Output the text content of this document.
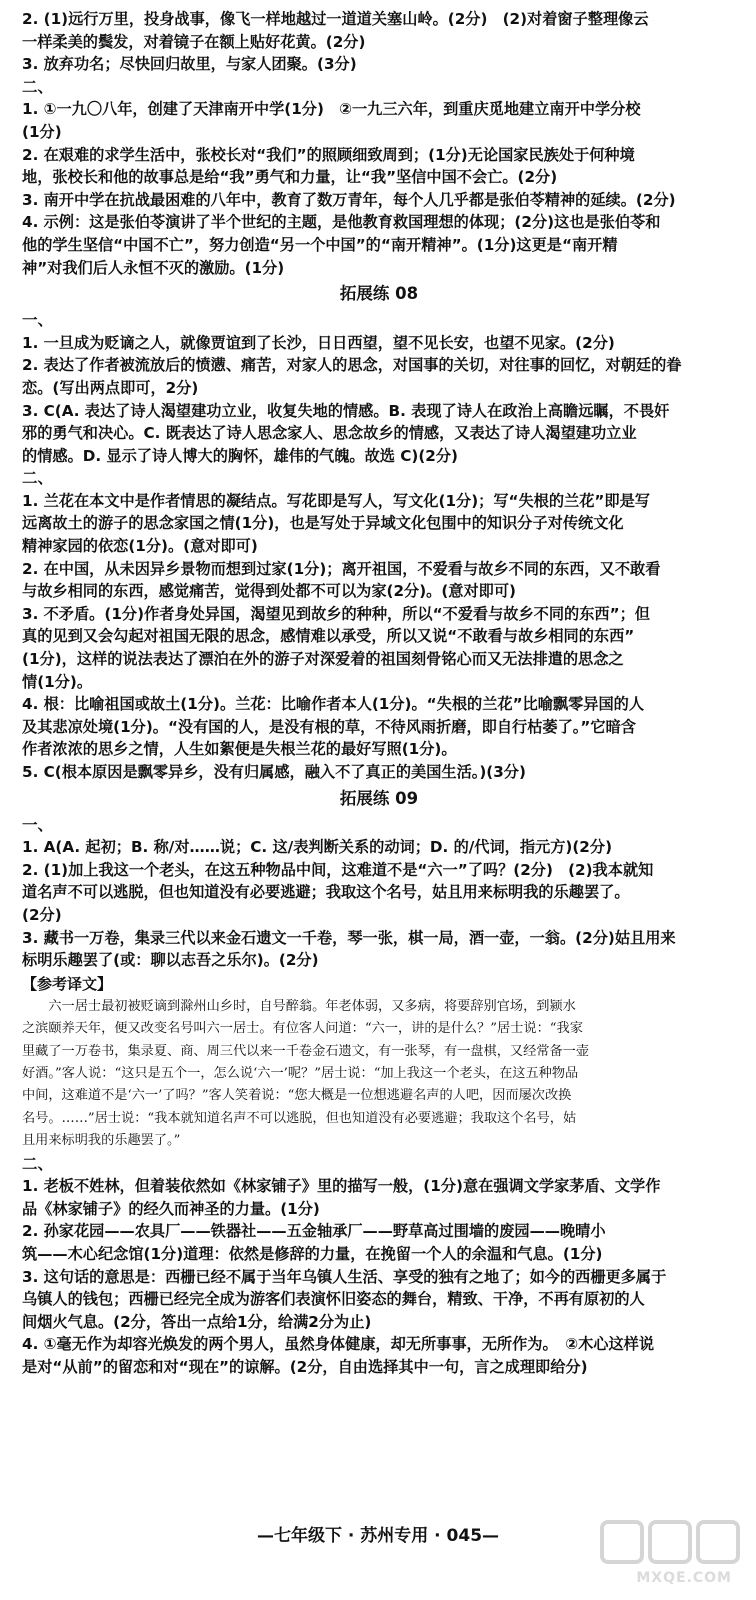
2. (1)远行万里，投身战事，像飞一样地越过一道道关塞山岭。(2分)　(2)对着窗子整理像云
一样柔美的鬓发，对着镜子在额上贴好花黄。(2分)
3. 放弃功名；尽快回归故里，与家人团聚。(3分)
二、
1. ①一九〇八年，创建了天津南开中学(1分)　②一九三六年，到重庆觅地建立南开中学分校
(1分)
2. 在艰难的求学生活中，张校长对“我们”的照顾细致周到；(1分)无论国家民族处于何种境
地，张校长和他的故事总是给“我”勇气和力量，让“我”坚信中国不会亡。(2分)
3. 南开中学在抗战最困难的八年中，教育了数万青年，每个人几乎都是张伯苓精神的延续。(2分)
4. 示例：这是张伯苓演讲了半个世纪的主题，是他教育救国理想的体现；(2分)这也是张伯苓和
他的学生坚信“中国不亡”，努力创造“另一个中国”的“南开精神”。(1分)这更是“南开精
神”对我们后人永恒不灭的激励。(1分)
拓展练 08
一、
1. 一旦成为贬谪之人，就像贾谊到了长沙，日日西望，望不见长安，也望不见家。(2分)
2. 表达了作者被流放后的愤懑、痛苦，对家人的思念，对国事的关切，对往事的回忆，对朝廷的眷
恋。(写出两点即可，2分)
3. C(A. 表达了诗人渴望建功立业，收复失地的情感。B. 表现了诗人在政治上高瞻远瞩，不畏奸
邪的勇气和决心。C. 既表达了诗人思念家人、思念故乡的情感，又表达了诗人渴望建功立业
的情感。D. 显示了诗人博大的胸怀，雄伟的气魄。故选 C)(2分)
二、
1. 兰花在本文中是作者情思的凝结点。写花即是写人，写文化(1分)；写“失根的兰花”即是写
远离故土的游子的思念家国之情(1分)，也是写处于异域文化包围中的知识分子对传统文化
精神家园的依恋(1分)。(意对即可)
2. 在中国，从未因异乡景物而想到过家(1分)；离开祖国，不爱看与故乡不同的东西，又不敢看
与故乡相同的东西，感觉痛苦，觉得到处都不可以为家(2分)。(意对即可)
3. 不矛盾。(1分)作者身处异国，渴望见到故乡的种种，所以“不爱看与故乡不同的东西”；但
真的见到又会勾起对祖国无限的思念，感情难以承受，所以又说“不敢看与故乡相同的东西”
(1分)，这样的说法表达了漂泊在外的游子对深爱着的祖国刻骨铭心而又无法排遣的思念之
情(1分)。
4. 根：比喻祖国或故土(1分)。兰花：比喻作者本人(1分)。“失根的兰花”比喻飘零异国的人
及其悲凉处境(1分)。“没有国的人，是没有根的草，不待风雨折磨，即自行枯萎了。”它暗含
作者浓浓的思乡之情，人生如絮便是失根兰花的最好写照(1分)。
5. C(根本原因是飘零异乡，没有归属感，融入不了真正的美国生活。)(3分)
拓展练 09
一、
1. A(A. 起初；B. 称/对……说；C. 这/表判断关系的动词；D. 的/代词，指元方)(2分)
2. (1)加上我这一个老头，在这五种物品中间，这难道不是“六一”了吗？(2分)　(2)我本就知
道名声不可以逃脱，但也知道没有必要逃避；我取这个名号，姑且用来标明我的乐趣罢了。
(2分)
3. 藏书一万卷，集录三代以来金石遗文一千卷，琴一张，棋一局，酒一壶，一翁。(2分)姑且用来
标明乐趣罢了(或：聊以志吾之乐尔)。(2分)
【参考译文】
　　六一居士最初被贬谪到滁州山乡时，自号醉翁。年老体弱，又多病，将要辞别官场，到颍水
之滨颐养天年，便又改变名号叫六一居士。有位客人问道：“六一，讲的是什么？”居士说：“我家
里藏了一万卷书，集录夏、商、周三代以来一千卷金石遗文，有一张琴，有一盘棋，又经常备一壶
好酒。”客人说：“这只是五个一，怎么说‘六一’呢？”居士说：“加上我这一个老头，在这五种物品
中间，这难道不是‘六一’了吗？”客人笑着说：“您大概是一位想逃避名声的人吧，因而屡次改换
名号。……”居士说：“我本就知道名声不可以逃脱，但也知道没有必要逃避；我取这个名号，姑
且用来标明我的乐趣罢了。”
二、
1. 老板不姓林，但着装依然如《林家铺子》里的描写一般，(1分)意在强调文学家茅盾、文学作
品《林家铺子》的经久而神圣的力量。(1分)
2. 孙家花园——农具厂——铁器社——五金轴承厂——野草高过围墙的废园——晚晴小
筑——木心纪念馆(1分)道理：依然是修辞的力量，在挽留一个人的余温和气息。(1分)
3. 这句话的意思是：西栅已经不属于当年乌镇人生活、享受的独有之地了；如今的西栅更多属于
乌镇人的钱包；西栅已经完全成为游客们表演怀旧姿态的舞台，精致、干净，不再有原初的人
间烟火气息。(2分，答出一点给1分，给满2分为止)
4. ①毫无作为却容光焕发的两个男人，虽然身体健康，却无所事事，无所作为。　②木心这样说
是对“从前”的留恋和对“现在”的谅解。(2分，自由选择其中一句，言之成理即给分)
—七年级下 · 苏州专用 · 045—
MXQE.COM
